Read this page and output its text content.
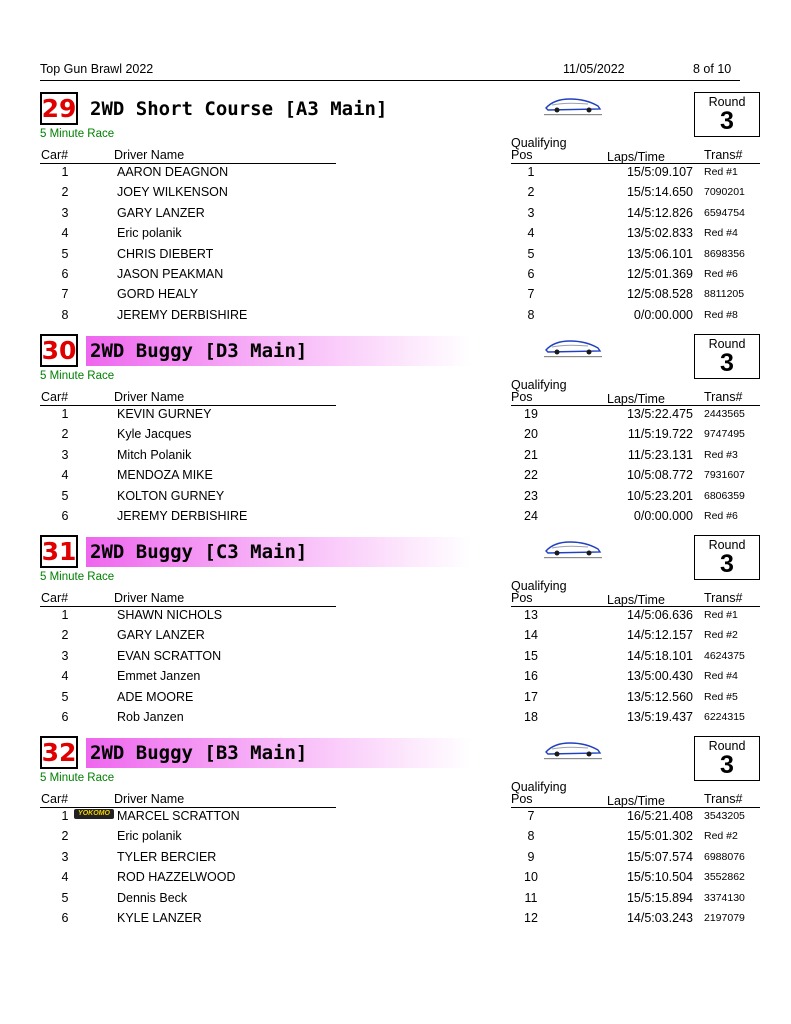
Top Gun Brawl 2022	11/05/2022	8 of 10
29 2WD Short Course [A3 Main]
5 Minute Race
Round
3
Qualifying
Car#	Driver Name	Pos	Laps/Time	Trans#
1	AARON DEAGNON	1	15/5:09.107 Red #1
2	JOEY WILKENSON	2	15/5:14.650 7090201
3	GARY LANZER	3	14/5:12.826 6594754
4	Eric polanik	4	13/5:02.833 Red #4
5	CHRIS DIEBERT	5	13/5:06.101 8698356
6	JASON PEAKMAN	6	12/5:01.369 Red #6
7	GORD HEALY	7	12/5:08.528 8811205
8	JEREMY DERBISHIRE	8	0/0:00.000 Red #8
30 2WD Buggy [D3 Main]
5 Minute Race
Round
3
Qualifying
Car#	Driver Name	Pos	Laps/Time	Trans#
1	KEVIN GURNEY	19	13/5:22.475 2443565
2	Kyle Jacques	20	11/5:19.722 9747495
3	Mitch Polanik	21	11/5:23.131 Red #3
4	MENDOZA MIKE	22	10/5:08.772 7931607
5	KOLTON GURNEY	23	10/5:23.201 6806359
6	JEREMY DERBISHIRE	24	0/0:00.000 Red #6
31 2WD Buggy [C3 Main]
5 Minute Race
Round
3
Qualifying
Car#	Driver Name	Pos	Laps/Time	Trans#
1	SHAWN NICHOLS	13	14/5:06.636 Red #1
2	GARY LANZER	14	14/5:12.157 Red #2
3	EVAN SCRATTON	15	14/5:18.101 4624375
4	Emmet Janzen	16	13/5:00.430 Red #4
5	ADE MOORE	17	13/5:12.560 Red #5
6	Rob Janzen	18	13/5:19.437 6224315
32 2WD Buggy [B3 Main]
5 Minute Race
Round
3
Qualifying
Car#	Driver Name	Pos	Laps/Time	Trans#
1	MARCEL SCRATTON	7	16/5:21.408 3543205
YOKOMO
2	Eric polanik	8	15/5:01.302 Red #2
3	TYLER BERCIER	9	15/5:07.574 6988076
4	ROD HAZZELWOOD	10	15/5:10.504 3552862
5	Dennis Beck	11	15/5:15.894 3374130
6	KYLE LANZER	12	14/5:03.243 2197079
